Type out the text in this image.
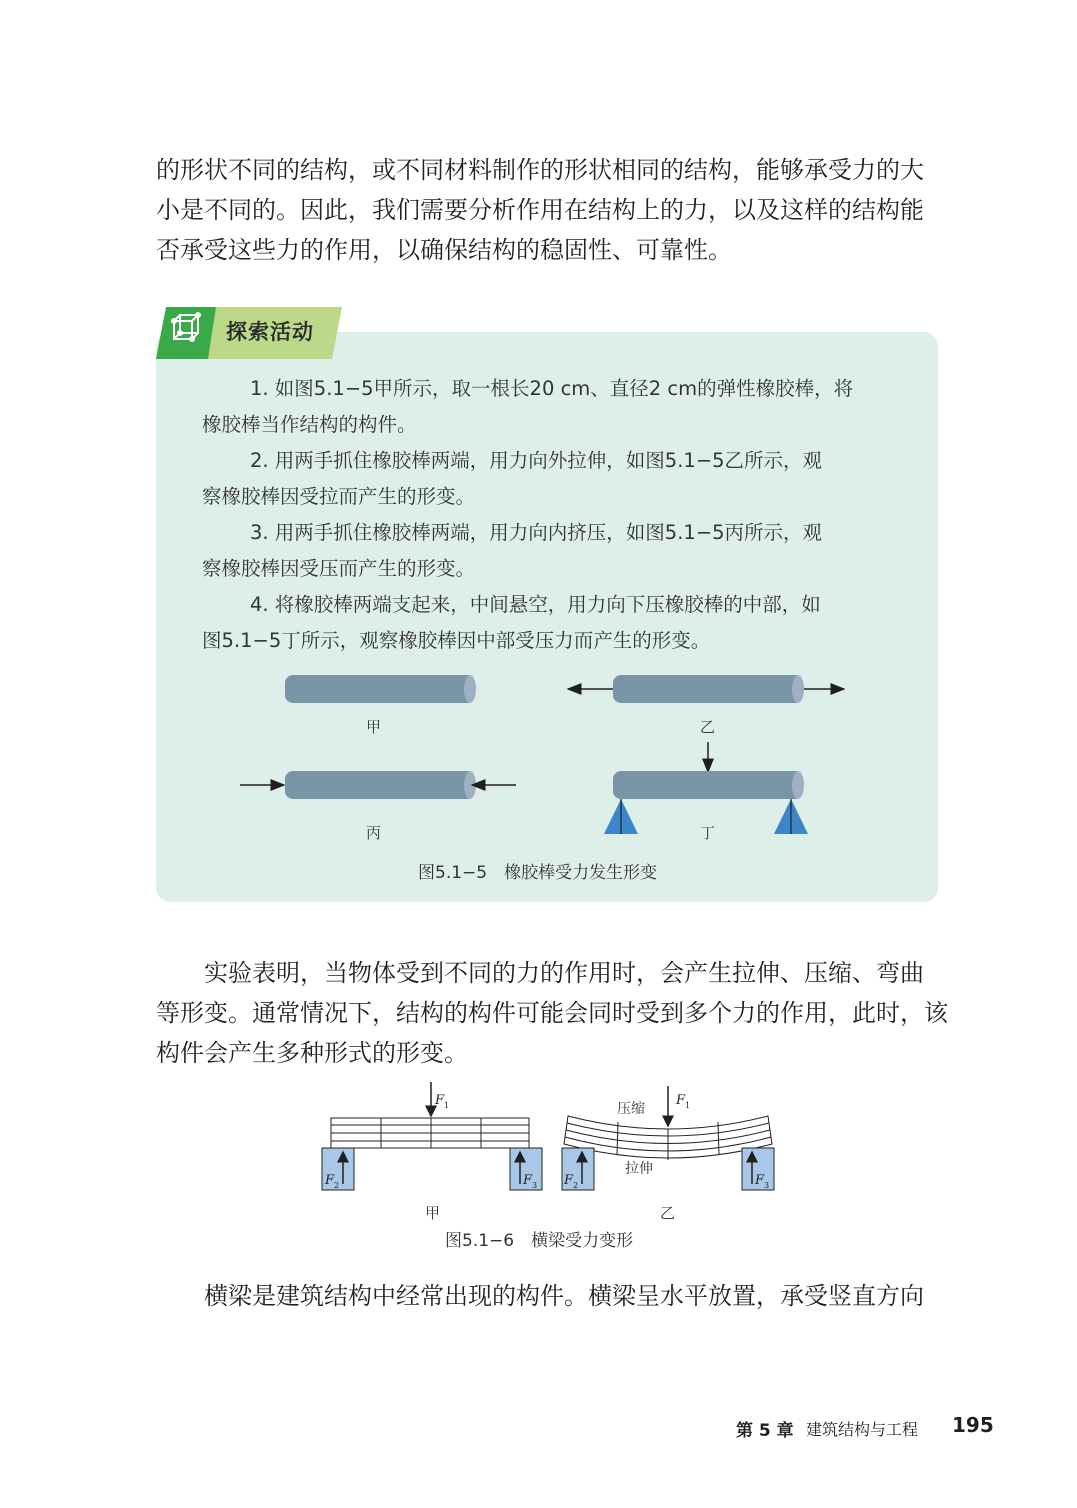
的形状不同的结构，或不同材料制作的形状相同的结构，能够承受力的大
小是不同的。因此，我们需要分析作用在结构上的力，以及这样的结构能
否承受这些力的作用，以确保结构的稳固性、可靠性。
探索活动
1. 如图5.1−5甲所示，取一根长20 cm、直径2 cm的弹性橡胶棒，将
橡胶棒当作结构的构件。
2. 用两手抓住橡胶棒两端，用力向外拉伸，如图5.1−5乙所示，观
察橡胶棒因受拉而产生的形变。
3. 用两手抓住橡胶棒两端，用力向内挤压，如图5.1−5丙所示，观
察橡胶棒因受压而产生的形变。
4. 将橡胶棒两端支起来，中间悬空，用力向下压橡胶棒的中部，如
图5.1−5丁所示，观察橡胶棒因中部受压力而产生的形变。
甲	乙
丙	丁
图5.1−5　橡胶棒受力发生形变
实验表明，当物体受到不同的力的作用时，会产生拉伸、压缩、弯曲
等形变。通常情况下，结构的构件可能会同时受到多个力的作用，此时，该
构件会产生多种形式的形变。
F 2	F 3
F 1
F 2	F 3
F 1
压缩
拉伸
甲	乙
图5.1−6　横梁受力变形
横梁是建筑结构中经常出现的构件。横梁呈水平放置，承受竖直方向
第 5 章 建筑结构与工程 195
